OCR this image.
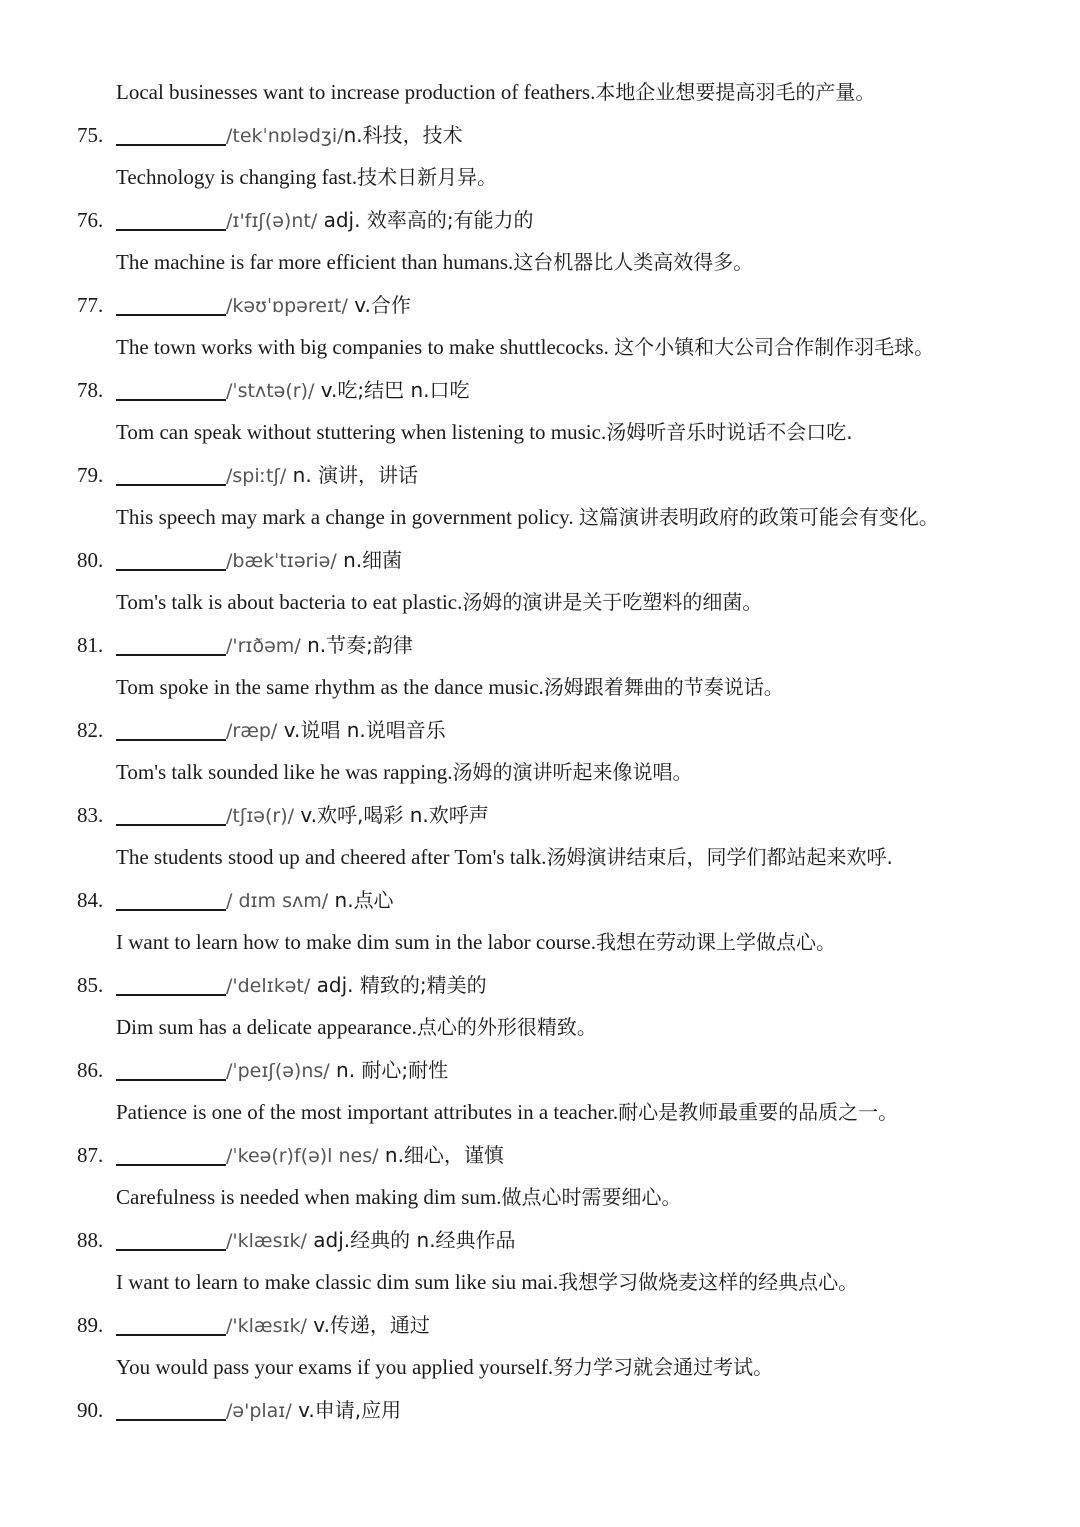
Local businesses want to increase production of feathers.本地企业想要提高羽毛的产量。
75.	/tekˈnɒlədʒi/n.科技，技术
Technology is changing fast.技术日新月异。
76.	/ɪ'fɪʃ(ə)nt/ adj. 效率高的;有能力的
The machine is far more efficient than humans.这台机器比人类高效得多。
77.	/kəʊˈɒpəreɪt/ v.合作
The town works with big companies to make shuttlecocks. 这个小镇和大公司合作制作羽毛球。
78.	/ˈstʌtə(r)/ v.吃;结巴 n.口吃
Tom can speak without stuttering when listening to music.汤姆听音乐时说话不会口吃.
79.	/spiːtʃ/ n. 演讲，讲话
This speech may mark a change in government policy. 这篇演讲表明政府的政策可能会有变化。
80.	/bækˈtɪəriə/ n.细菌
Tom's talk is about bacteria to eat plastic.汤姆的演讲是关于吃塑料的细菌。
81.	/'rɪðəm/ n.节奏;韵律
Tom spoke in the same rhythm as the dance music.汤姆跟着舞曲的节奏说话。
82.	/ræp/ v.说唱 n.说唱音乐
Tom's talk sounded like he was rapping.汤姆的演讲听起来像说唱。
83.	/tʃɪə(r)/ v.欢呼,喝彩 n.欢呼声
The students stood up and cheered after Tom's talk.汤姆演讲结束后，同学们都站起来欢呼.
84.	/ dɪm sʌm/ n.点心
I want to learn how to make dim sum in the labor course.我想在劳动课上学做点心。
85.	/'delɪkət/ adj. 精致的;精美的
Dim sum has a delicate appearance.点心的外形很精致。
86.	/ˈpeɪʃ(ə)ns/ n. 耐心;耐性
Patience is one of the most important attributes in a teacher.耐心是教师最重要的品质之一。
87.	/ˈkeə(r)f(ə)l nes/ n.细心，谨慎
Carefulness is needed when making dim sum.做点心时需要细心。
88.	/'klæsɪk/ adj.经典的 n.经典作品
I want to learn to make classic dim sum like siu mai.我想学习做烧麦这样的经典点心。
89.	/'klæsɪk/ v.传递，通过
You would pass your exams if you applied yourself.努力学习就会通过考试。
90.	/ə'plaɪ/ v.申请,应用
